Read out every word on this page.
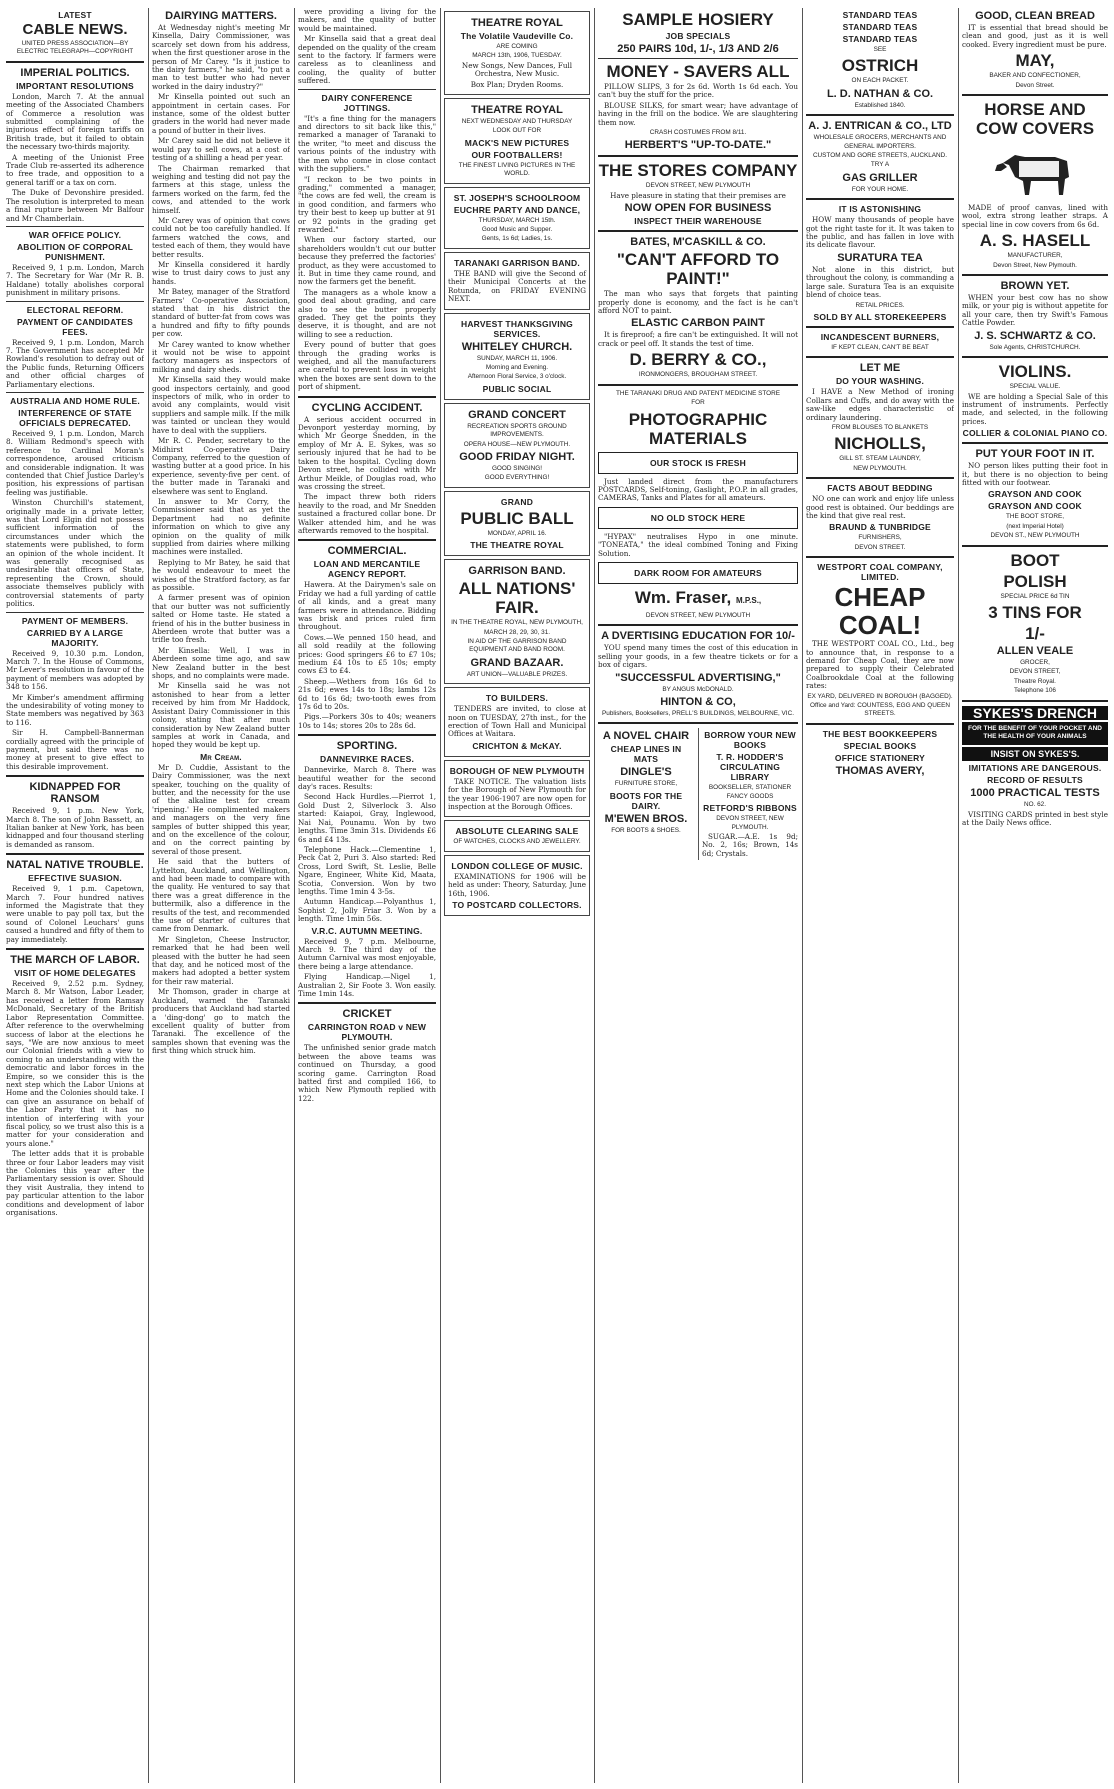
LATEST
CABLE NEWS.
UNITED PRESS ASSOCIATION—BY ELECTRIC TELEGRAPH—COPYRIGHT
IMPERIAL POLITICS.
IMPORTANT RESOLUTIONS

London, March 7. At the annual meeting of the Associated Chambers of Commerce a resolution was submitted complaining of the injurious effect of foreign tariffs on British trade, but it failed to obtain the necessary two-thirds majority.

A meeting of the Unionist Free Trade Club re-asserted its adherence to free trade, and opposition to a general tariff or a tax on corn.

The Duke of Devonshire presided. The resolution is interpreted to mean a final rupture between Mr Balfour and Mr Chamberlain.

WAR OFFICE POLICY.
ABOLITION OF CORPORAL PUNISHMENT.

Received 9, 1 p.m. London, March 7. The Secretary for War (Mr R. B. Haldane) totally abolishes corporal punishment in military prisons.

ELECTORAL REFORM.
PAYMENT OF CANDIDATES FEES.

Received 9, 1 p.m. London, March 7. The Government has accepted Mr Rowland's resolution to defray out of the Public funds, Returning Officers and other official charges of Parliamentary elections.

AUSTRALIA AND HOME RULE.
INTERFERENCE OF STATE OFFICIALS DEPRECATED.

Received 9, 1 p.m. London, March 8. William Redmond's speech with reference to Cardinal Moran's correspondence, aroused criticism and considerable indignation. It was contended that Chief Justice Darley's position, his expressions of partisan feeling was justifiable.

Winston Churchill's statement, originally made in a private letter, was that Lord Elgin did not possess sufficient information of the circumstances under which the statements were published, to form an opinion of the whole incident. It was generally recognised as undesirable that officers of State, representing the Crown, should associate themselves publicly with controversial statements of party politics.

PAYMENT OF MEMBERS.
CARRIED BY A LARGE MAJORITY.

Received 9, 10.30 p.m. London, March 7. In the House of Commons, Mr Lever's resolution in favour of the payment of members was adopted by 348 to 156.

Mr Kimber's amendment affirming the undesirability of voting money to State members was negatived by 363 to 116.

Sir H. Campbell-Bannerman cordially agreed with the principle of payment, but said there was no money at present to give effect to this desirable improvement.

KIDNAPPED FOR RANSOM

Received 9, 1 p.m. New York, March 8. The son of John Bassett, an Italian banker at New York, has been kidnapped and four thousand sterling is demanded as ransom.

NATAL NATIVE TROUBLE.
EFFECTIVE SUASION.

Received 9, 1 p.m. Capetown, March 7. Four hundred natives informed the Magistrate that they were unable to pay poll tax, but the sound of Colonel Leuchars' guns caused a hundred and fifty of them to pay immediately.

THE MARCH OF LABOR.
VISIT OF HOME DELEGATES

Received 9, 2.52 p.m. Sydney, March 8. Mr Watson, Labor Leader, has received a letter from Ramsay McDonald, Secretary of the British Labor Representation Committee. After reference to the overwhelming success of labor at the elections he says, "We are now anxious to meet our Colonial friends with a view to coming to an understanding with the democratic and labor forces in the Empire, so we consider this is the next step which the Labor Unions at Home and the Colonies should take. I can give an assurance on behalf of the Labor Party that it has no intention of interfering with your fiscal policy, so we trust also this is a matter for your consideration and yours alone."

The letter adds that it is probable three or four Labor leaders may visit the Colonies this year after the Parliamentary session is over. Should they visit Australia, they intend to pay particular attention to the labor conditions and development of labor organisations.

DAIRYING MATTERS.

At Wednesday night's meeting Mr Kinsella, Dairy Commissioner, was scarcely set down from his address, when the first questioner arose in the person of Mr Carey. "Is it justice to the dairy farmers," he said, "to put a man to test butter who had never worked in the dairy industry?"

Mr Kinsella pointed out such an appointment in certain cases. For instance, some of the oldest butter graders in the world had never made a pound of butter in their lives.

Mr Carey said he did not believe it would pay to sell cows, at a cost of testing of a shilling a head per year.

The Chairman remarked that weighing and testing did not pay the farmers at this stage, unless the farmers worked on the farm, fed the cows, and attended to the work himself.

Mr Carey was of opinion that cows could not be too carefully handled. If farmers watched the cows, and tested each of them, they would have better results.

Mr Kinsella considered it hardly wise to trust dairy cows to just any hands.

Mr Batey, manager of the Stratford Farmers' Co-operative Association, stated that in his district the standard of butter-fat from cows was a hundred and fifty to fifty pounds per cow.

Mr Carey wanted to know whether it would not be wise to appoint factory managers as inspectors of milking and dairy sheds.

Mr Kinsella said they would make good inspectors certainly, and good inspectors of milk, who in order to avoid any complaints, would visit suppliers and sample milk. If the milk was tainted or unclean they would have to deal with the suppliers.

Mr R. C. Pender, secretary to the Midhirst Co-operative Dairy Company, referred to the question of wasting butter at a good price. In his experience, seventy-five per cent. of the butter made in Taranaki and elsewhere was sent to England.

In answer to Mr Corry, the Commissioner said that as yet the Department had no definite information on which to give any opinion on the quality of milk supplied from dairies where milking machines were installed.

Replying to Mr Batey, he said that he would endeavour to meet the wishes of the Stratford factory, as far as possible.

A farmer present was of opinion that our butter was not sufficiently salted or Home taste. He stated a friend of his in the butter business in Aberdeen wrote that butter was a trifle too fresh.

Mr Kinsella: Well, I was in Aberdeen some time ago, and saw New Zealand butter in the best shops, and no complaints were made.

Mr Kinsella said he was not astonished to hear from a letter received by him from Mr Haddock, Assistant Dairy Commissioner in this colony, stating that after much consideration by New Zealand butter samples at work in Canada, and hoped they would be kept up.

Mr Cream.

Mr D. Cuddie, Assistant to the Dairy Commissioner, was the next speaker, touching on the quality of butter, and the necessity for the use of the alkaline test for cream 'ripening.' He complimented makers and managers on the very fine samples of butter shipped this year, and on the excellence of the colour, and on the correct painting by several of those present.

He said that the butters of Lyttelton, Auckland, and Wellington, and had been made to compare with the quality. He ventured to say that there was a great difference in the buttermilk, also a difference in the results of the test, and recommended the use of starter of cultures that came from Denmark.

Mr Singleton, Cheese Instructor, remarked that he had been well pleased with the butter he had seen that day, and he noticed most of the makers had adopted a better system for their raw material.

Mr Thomson, grader in charge at Auckland, warned the Taranaki producers that Auckland had started a 'ding-dong' go to match the excellent quality of butter from Taranaki. The excellence of the samples shown that evening was the first thing which struck him.

were providing a living for the makers, and the quality of butter would be maintained.

Mr Kinsella said that a great deal depended on the quality of the cream sent to the factory. If farmers were careless as to cleanliness and cooling, the quality of butter suffered.

DAIRY CONFERENCE JOTTINGS.

"It's a fine thing for the managers and directors to sit back like this," remarked a manager of Taranaki to the writer, "to meet and discuss the various points of the industry with the men who come in close contact with the suppliers."

"I reckon to be two points in grading," commented a manager, "the cows are fed well, the cream is in good condition, and farmers who try their best to keep up butter at 91 or 92 points in the grading get rewarded."

When our factory started, our shareholders wouldn't cut our butter because they preferred the factories' product, as they were accustomed to it. But in time they came round, and now the farmers get the benefit.

The managers as a whole know a good deal about grading, and care also to see the butter properly graded. They get the points they deserve, it is thought, and are not willing to see a reduction.

Every pound of butter that goes through the grading works is weighed, and all the manufacturers are careful to prevent loss in weight when the boxes are sent down to the port of shipment.

CYCLING ACCIDENT.

A serious accident occurred in Devonport yesterday morning, by which Mr George Snedden, in the employ of Mr A. E. Sykes, was so seriously injured that he had to be taken to the hospital. Cycling down Devon street, he collided with Mr Arthur Meikle, of Douglas road, who was crossing the street.

The impact threw both riders heavily to the road, and Mr Snedden sustained a fractured collar bone. Dr Walker attended him, and he was afterwards removed to the hospital.

COMMERCIAL.
LOAN AND MERCANTILE AGENCY REPORT.

Hawera. At the Dairymen's sale on Friday we had a full yarding of cattle of all kinds, and a great many farmers were in attendance. Bidding was brisk and prices ruled firm throughout.

Cows.—We penned 150 head, and all sold readily at the following prices: Good springers £6 to £7 10s; medium £4 10s to £5 10s; empty cows £3 to £4.

Sheep.—Wethers from 16s 6d to 21s 6d; ewes 14s to 18s; lambs 12s 6d to 16s 6d; two-tooth ewes from 17s 6d to 20s.

Pigs.—Porkers 30s to 40s; weaners 10s to 14s; stores 20s to 28s 6d.

SPORTING.
DANNEVIRKE RACES.

Dannevirke, March 8. There was beautiful weather for the second day's races. Results:

Second Hack Hurdles.—Pierrot 1, Gold Dust 2, Silverlock 3. Also started: Kaiapoi, Gray, Inglewood, Nai Nai, Pounamu. Won by two lengths. Time 3min 31s. Dividends £6 6s and £4 13s.

Telephone Hack.—Clementine 1, Peck Cat 2, Puri 3. Also started: Red Cross, Lord Swift, St. Leslie, Belle Ngare, Engineer, White Kid, Maata, Scotia, Conversion. Won by two lengths. Time 1min 4 3-5s.

Autumn Handicap.—Polyanthus 1, Sophist 2, Jolly Friar 3. Won by a length. Time 1min 56s.

V.R.C. AUTUMN MEETING.

Received 9, 7 p.m. Melbourne, March 9. The third day of the Autumn Carnival was most enjoyable, there being a large attendance.

Flying Handicap.—Nigel 1, Australian 2, Sir Foote 3. Won easily. Time 1min 14s.

CRICKET
CARRINGTON ROAD v NEW PLYMOUTH.

The unfinished senior grade match between the above teams was continued on Thursday, a good scoring game. Carrington Road batted first and compiled 166, to which New Plymouth replied with 122.

THEATRE ROYAL
The Volatile Vaudeville Co.
ARE COMING
MARCH 13th, 1906, TUESDAY.

New Songs, New Dances, Full Orchestra, New Music.

Box Plan; Dryden Rooms.

THEATRE ROYAL
NEXT WEDNESDAY AND THURSDAY
LOOK OUT FOR
MACK'S NEW PICTURES
OUR FOOTBALLERS!
THE FINEST LIVING PICTURES IN THE WORLD.
ST. JOSEPH'S SCHOOLROOM
EUCHRE PARTY AND DANCE,
THURSDAY, MARCH 15th.
Good Music and Supper.
Gents, 1s 6d; Ladies, 1s.
TARANAKI GARRISON BAND.

THE BAND will give the Second of their Municipal Concerts at the Rotunda, on FRIDAY EVENING NEXT.

HARVEST THANKSGIVING SERVICES.
WHITELEY CHURCH.
SUNDAY, MARCH 11, 1906.
Morning and Evening.
Afternoon Floral Service, 3 o'clock.
PUBLIC SOCIAL
GRAND CONCERT
RECREATION SPORTS GROUND IMPROVEMENTS.
OPERA HOUSE—NEW PLYMOUTH.
GOOD FRIDAY NIGHT.
GOOD SINGING!
GOOD EVERYTHING!
GRAND
PUBLIC BALL
MONDAY, APRIL 16.
THE THEATRE ROYAL
GARRISON BAND.
ALL NATIONS' FAIR.
IN THE THEATRE ROYAL, NEW PLYMOUTH,
MARCH 28, 29, 30, 31.
IN AID OF THE GARRISON BAND EQUIPMENT AND BAND ROOM.
GRAND BAZAAR.
ART UNION—VALUABLE PRIZES.
TO BUILDERS.

TENDERS are invited, to close at noon on TUESDAY, 27th inst., for the erection of Town Hall and Municipal Offices at Waitara.

CRICHTON & McKAY.
BOROUGH OF NEW PLYMOUTH

TAKE NOTICE. The valuation lists for the Borough of New Plymouth for the year 1906-1907 are now open for inspection at the Borough Offices.

ABSOLUTE CLEARING SALE
OF WATCHES, CLOCKS AND JEWELLERY.
LONDON COLLEGE OF MUSIC.

EXAMINATIONS for 1906 will be held as under: Theory, Saturday, June 16th, 1906.

TO POSTCARD COLLECTORS.
SAMPLE HOSIERY
JOB SPECIALS
250 PAIRS 10d, 1/-, 1/3 AND 2/6
MONEY - SAVERS ALL

PILLOW SLIPS, 3 for 2s 6d. Worth 1s 6d each. You can't buy the stuff for the price.

BLOUSE SILKS, for smart wear; have advantage of having in the frill on the bodice. We are slaughtering them now.

CRASH COSTUMES FROM 8/11.
HERBERT'S "UP-TO-DATE."
THE STORES COMPANY
DEVON STREET, NEW PLYMOUTH

Have pleasure in stating that their premises are

NOW OPEN FOR BUSINESS
INSPECT THEIR WAREHOUSE
BATES, M'CASKILL & CO.
"CAN'T AFFORD TO PAINT!"

The man who says that forgets that painting properly done is economy, and the fact is he can't afford NOT to paint.

ELASTIC CARBON PAINT

It is fireproof; a fire can't be extinguished. It will not crack or peel off. It stands the test of time.

D. BERRY & CO.,
IRONMONGERS, BROUGHAM STREET.
THE TARANAKI DRUG AND PATENT MEDICINE STORE
FOR
PHOTOGRAPHIC MATERIALS
OUR STOCK IS FRESH

Just landed direct from the manufacturers POSTCARDS, Self-toning, Gaslight, P.O.P. in all grades, CAMERAS, Tanks and Plates for all amateurs.

NO OLD STOCK HERE

"HYPAX" neutralises Hypo in one minute. "TONEATA," the ideal combined Toning and Fixing Solution.

DARK ROOM FOR AMATEURS
Wm. Fraser, M.P.S.,
DEVON STREET, NEW PLYMOUTH
A DVERTISING EDUCATION FOR 10/-

YOU spend many times the cost of this education in selling your goods, in a few theatre tickets or for a box of cigars.

"SUCCESSFUL ADVERTISING,"
BY ANGUS McDONALD.
HINTON & CO,
Publishers, Booksellers, PRELL'S BUILDINGS, MELBOURNE, VIC.
A NOVEL CHAIR
CHEAP LINES IN MATS
DINGLE'S
FURNITURE STORE,
BOOTS FOR THE DAIRY.
M'EWEN BROS.
FOR BOOTS & SHOES.
BORROW YOUR NEW BOOKS
T. R. HODDER'S CIRCULATING LIBRARY
BOOKSELLER, STATIONER FANCY GOODS
RETFORD'S RIBBONS
DEVON STREET, NEW PLYMOUTH.

SUGAR.—A.E. 1s 9d; No. 2, 16s; Brown, 14s 6d; Crystals.

STANDARD TEAS
STANDARD TEAS
STANDARD TEAS
SEE
OSTRICH
ON EACH PACKET.
L. D. NATHAN & CO.
Established 1840.
A. J. ENTRICAN & CO., LTD
WHOLESALE GROCERS, MERCHANTS AND GENERAL IMPORTERS.
CUSTOM AND GORE STREETS, AUCKLAND.
TRY A
GAS GRILLER
FOR YOUR HOME.
IT IS ASTONISHING

HOW many thousands of people have got the right taste for it. It was taken to the public, and has fallen in love with its delicate flavour.

SURATURA TEA

Not alone in this district, but throughout the colony, is commanding a large sale. Suratura Tea is an exquisite blend of choice teas.

RETAIL PRICES.
SOLD BY ALL STOREKEEPERS
INCANDESCENT BURNERS,
IF KEPT CLEAN, CAN'T BE BEAT
LET ME
DO YOUR WASHING.

I HAVE a New Method of ironing Collars and Cuffs, and do away with the saw-like edges characteristic of ordinary laundering.

FROM BLOUSES TO BLANKETS
NICHOLLS,
GILL ST. STEAM LAUNDRY,
NEW PLYMOUTH.
FACTS ABOUT BEDDING

NO one can work and enjoy life unless good rest is obtained. Our beddings are the kind that give real rest.

BRAUND & TUNBRIDGE
FURNISHERS,
DEVON STREET.
WESTPORT COAL COMPANY, LIMITED.
CHEAP
COAL!

THE WESTPORT COAL CO., Ltd., beg to announce that, in response to a demand for Cheap Coal, they are now prepared to supply their Celebrated Coalbrookdale Coal at the following rates:

EX YARD, DELIVERED IN BOROUGH (BAGGED).
Office and Yard: COUNTESS, EGG AND QUEEN STREETS.
THE BEST BOOKKEEPERS
SPECIAL BOOKS
OFFICE STATIONERY
THOMAS AVERY,
GOOD, CLEAN BREAD

IT is essential that bread should be clean and good, just as it is well cooked. Every ingredient must be pure.

MAY,
BAKER AND CONFECTIONER,
Devon Street.
HORSE AND COW COVERS

MADE of proof canvas, lined with wool, extra strong leather straps. A special line in cow covers from 6s 6d.

A. S. HASELL
MANUFACTURER,
Devon Street, New Plymouth.
BROWN YET.

WHEN your best cow has no show milk, or your pig is without appetite for all your care, then try Swift's Famous Cattle Powder.

J. S. SCHWARTZ & CO.
Sole Agents, CHRISTCHURCH.
VIOLINS.
SPECIAL VALUE.

WE are holding a Special Sale of this instrument of instruments. Perfectly made, and selected, in the following prices.

COLLIER & COLONIAL PIANO CO.
PUT YOUR FOOT IN IT.

NO person likes putting their foot in it, but there is no objection to being fitted with our footwear.

GRAYSON AND COOK
GRAYSON AND COOK
THE BOOT STORE,
(next Imperial Hotel)
DEVON ST., NEW PLYMOUTH
BOOT
POLISH
SPECIAL PRICE 6d TIN
3 TINS FOR
1/-
ALLEN VEALE
GROCER,
DEVON STREET,
Theatre Royal.
Telephone 106
SYKES'S DRENCH
FOR THE BENEFIT OF YOUR POCKET AND THE HEALTH OF YOUR ANIMALS
INSIST ON SYKES'S.
IMITATIONS ARE DANGEROUS.
RECORD OF RESULTS
1000 PRACTICAL TESTS
NO. 62.

VISITING CARDS printed in best style at the Daily News office.
